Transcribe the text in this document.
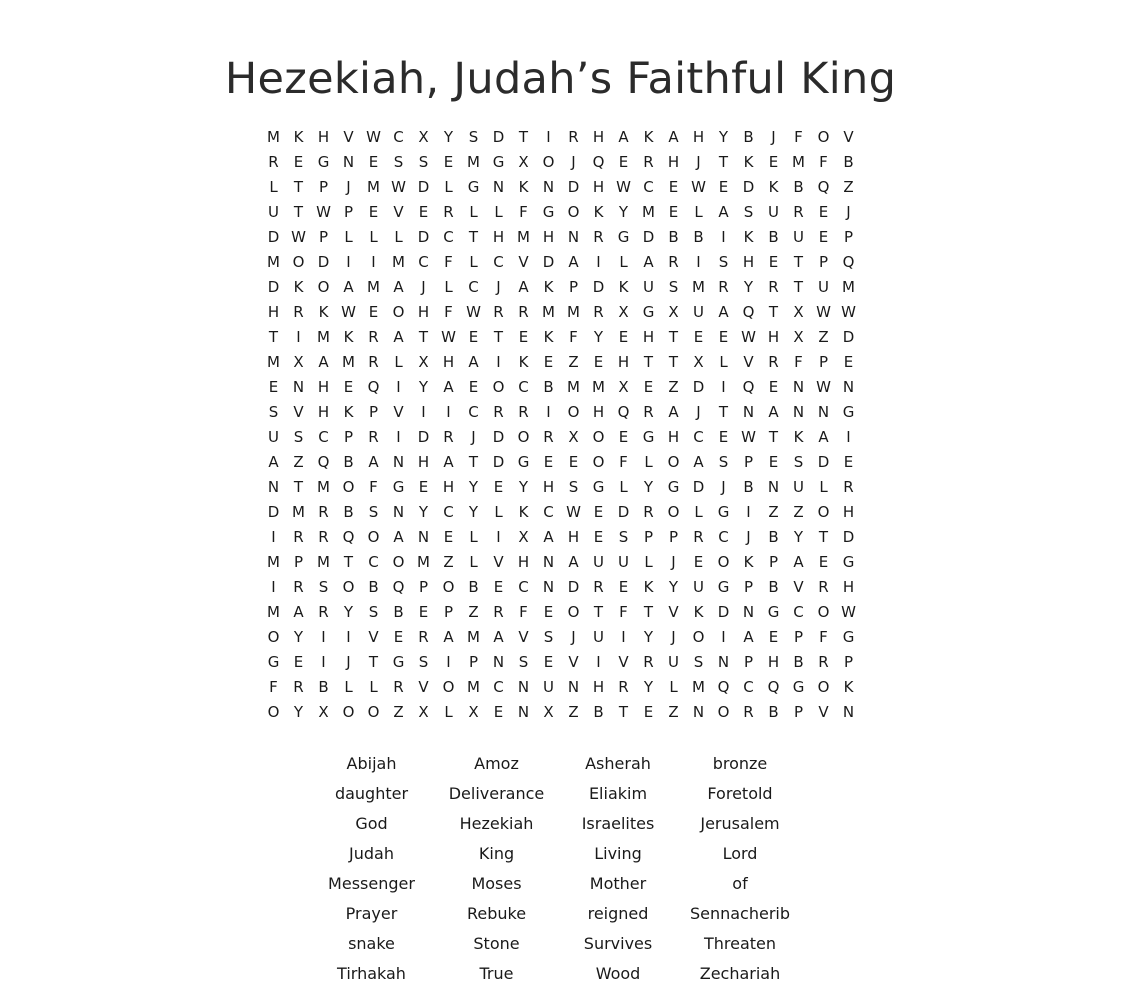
Hezekiah, Judah’s Faithful King
M K H V W C X	Y	S D T	I	R H A K A H Y	B	J	F O V
R	E G N E	S	S	E M G X O	J	Q E	R H	J	T	K	E M F	B
L	T	P	J	M W D	L	G N K N D H W C	E W E D K B Q Z
U T W P	E	V	E	R	L	L	F G O K	Y M E	L	A	S U R	E	J
D W P	L	L	L	D C	T H M H N R G D B B	I	K B U E	P
M O D	I	I	M C	F	L	C V D A	I	L	A R	I	S H E	T	P Q
D K O A M A	J	L	C	J	A K	P D K U S M R	Y	R	T U M
H R K W E O H	F W R R M M R X G X U A Q T	X W W
T	I	M K R A	T W E	T	E	K	F	Y	E H T	E	E W H X Z D
M X A M R	L	X H A	I	K	E	Z	E H T	T	X	L	V R	F	P	E
E N H E Q	I	Y	A	E O C B M M X	E	Z D	I	Q E N W N
S	V H K	P	V	I	I	C R R	I	O H Q R A	J	T N A N N G
U S C	P	R	I	D R	J	D O R X O E G H C	E W T	K A	I
A Z Q B A N H A	T D G E	E O F	L O A	S	P	E	S D E
N T M O F G E H Y	E	Y H S G	L	Y G D	J	B N U	L	R
D M R B	S N Y	C	Y	L	K C W E D R O L	G	I	Z Z O H
I	R R Q O A N E	L	I	X A H E	S	P	P	R C	J	B	Y	T D
M P M T	C O M Z	L	V H N A U U	L	J	E O K	P	A	E G
I	R	S O B Q P O B	E	C N D R	E	K	Y U G P	B V R H
M A R	Y	S	B	E	P	Z R	F	E O T	F	T	V K D N G C O W
O Y	I	I	V	E	R A M A V	S	J	U	I	Y	J	O	I	A	E	P	F G
G E	I	J	T G S	I	P N S	E	V	I	V R U S N P H B R	P
F	R B	L	L	R V O M C N U N H R	Y	L M Q C Q G O K
O Y	X O O Z X	L	X	E N X Z B	T	E	Z N O R B	P	V N
Abijah	Amoz	Asherah	bronze
daughter	Deliverance	Eliakim	Foretold
God	Hezekiah	Israelites	Jerusalem
Judah	King	Living	Lord
Messenger	Moses	Mother	of
Prayer	Rebuke	reigned	Sennacherib
snake	Stone	Survives	Threaten
Tirhakah	True	Wood	Zechariah
